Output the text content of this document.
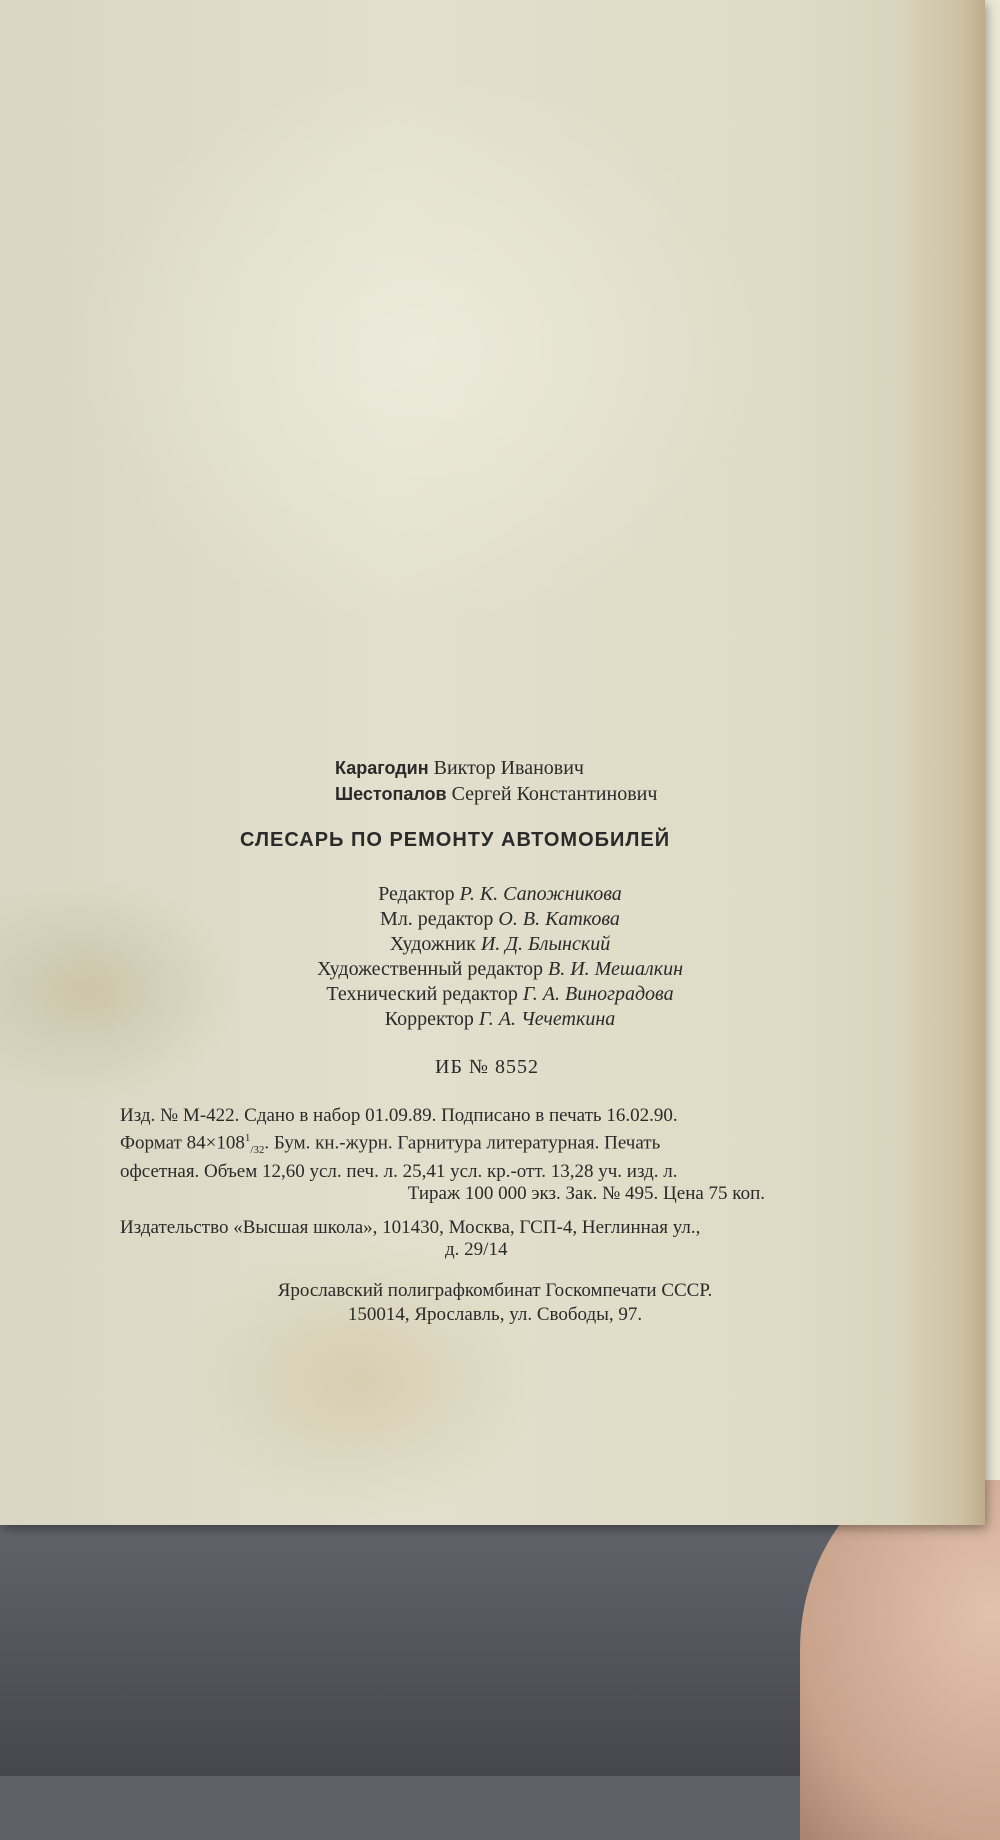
Карагодин Виктор Иванович
Шестопалов Сергей Константинович
СЛЕСАРЬ ПО РЕМОНТУ АВТОМОБИЛЕЙ
Редактор Р. К. Сапожникова
Мл. редактор О. В. Каткова
Художник И. Д. Блынский
Художественный редактор В. И. Мешалкин
Технический редактор Г. А. Виноградова
Корректор Г. А. Чечеткина
ИБ № 8552
Изд. № М-422. Сдано в набор 01.09.89. Подписано в печать 16.02.90.
Формат $84\times 108^1_{/32}$. Бум. кн.-журн. Гарнитура литературная. Печать
офсетная. Объем 12,60 усл. печ. л. 25,41 усл. кр.-отт. 13,28 уч. изд. л.
Тираж 100 000 экз. Зак. № 495. Цена 75 коп.
Издательство «Высшая школа», 101430, Москва, ГСП-4, Неглинная ул.,
д. 29/14
Ярославский полиграфкомбинат Госкомпечати СССР.
150014, Ярославль, ул. Свободы, 97.
